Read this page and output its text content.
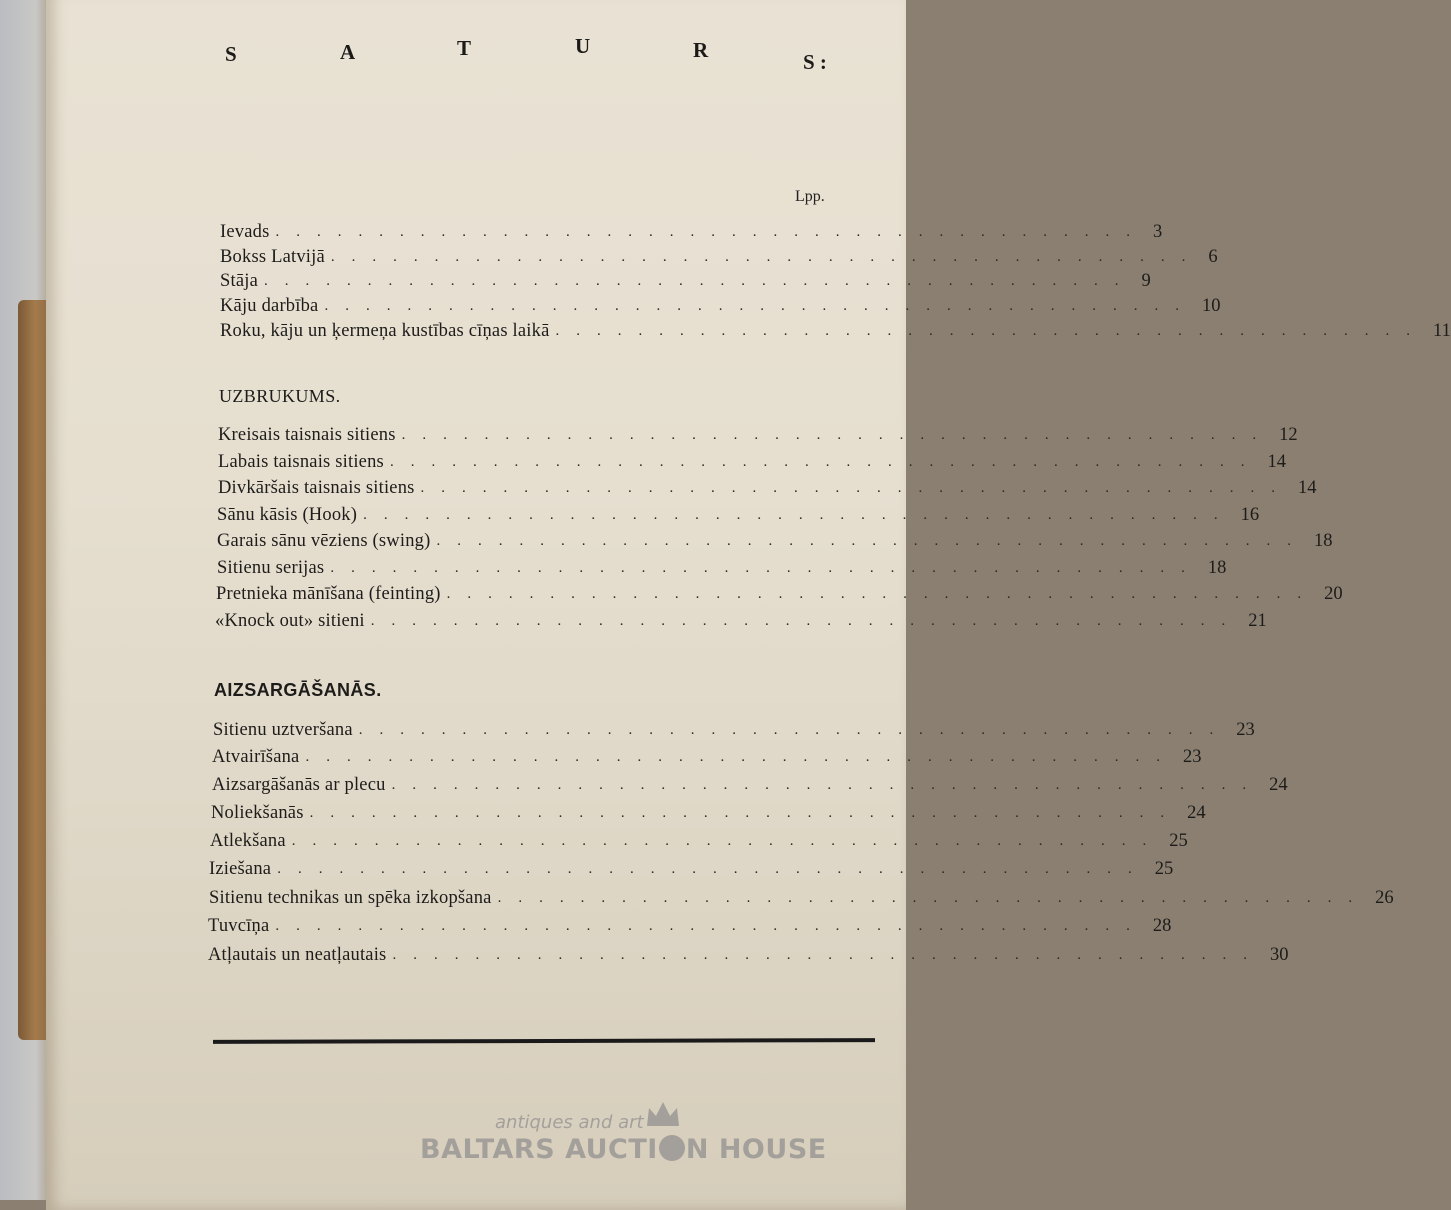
S	A	T	U	R	S :
Lpp.
Ievads .......................................... 3
Bokss Latvijā .......................................... 6
Stāja .......................................... 9
Kāju darbība .......................................... 10
Roku, kāju un ķermeņa kustības cīņas laikā .......................................... 11
UZBRUKUMS.
Kreisais taisnais sitiens .......................................... 12
Labais taisnais sitiens .......................................... 14
Divkāršais taisnais sitiens .......................................... 14
Sānu kāsis (Hook) .......................................... 16
Garais sānu vēziens (swing) .......................................... 18
Sitienu serijas .......................................... 18
Pretnieka mānīšana (feinting) .......................................... 20
«Knock out» sitieni .......................................... 21
AIZSARGĀŠANĀS.
Sitienu uztveršana .......................................... 23
Atvairīšana .......................................... 23
Aizsargāšanās ar plecu .......................................... 24
Noliekšanās .......................................... 24
Atlekšana .......................................... 25
Iziešana .......................................... 25
Sitienu technikas un spēka izkopšana .......................................... 26
Tuvcīņa .......................................... 28
Atļautais un neatļautais .......................................... 30
antiques and art
BALTARS AUCTI N HOUSE
